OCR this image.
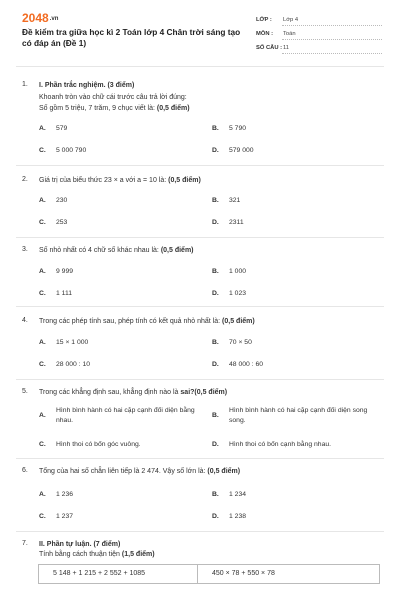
2048.vn
Đề kiểm tra giữa học kì 2 Toán lớp 4 Chân trời sáng tạo có đáp án (Đề 1)
LỚP : Lớp 4
MÔN : Toán
SỐ CÂU : 11
1. I. Phần trắc nghiệm. (3 điểm)
Khoanh tròn vào chữ cái trước câu trả lời đúng:
Số gồm 5 triệu, 7 trăm, 9 chục viết là: (0,5 điểm)
A. 579	B. 5 790
C. 5 000 790	D. 579 000
2. Giá trị của biểu thức 23 × a với a = 10 là: (0,5 điểm)
A. 230	B. 321
C. 253	D. 2311
3. Số nhỏ nhất có 4 chữ số khác nhau là: (0,5 điểm)
A. 9 999	B. 1 000
C. 1 111	D. 1 023
4. Trong các phép tính sau, phép tính có kết quả nhỏ nhất là: (0,5 điểm)
A. 15 × 1 000	B. 70 × 50
C. 28 000 : 10	D. 48 000 : 60
5. Trong các khẳng định sau, khẳng định nào là sai?(0,5 điểm)
A.
Hình bình hành có hai cặp cạnh đối diện bằng nhau.
B.
Hình bình hành có hai cặp cạnh đối diện song song.
C. Hình thoi có bốn góc vuông.	D. Hình thoi có bốn cạnh bằng nhau.
6. Tổng của hai số chẵn liên tiếp là 2 474. Vậy số lớn là: (0,5 điểm)
A. 1 236	B. 1 234
C. 1 237	D. 1 238
7. II. Phần tự luận. (7 điểm)
Tính bằng cách thuận tiện (1,5 điểm)
5 148 + 1 215 + 2 552 + 1085	450 × 78 + 550 × 78
